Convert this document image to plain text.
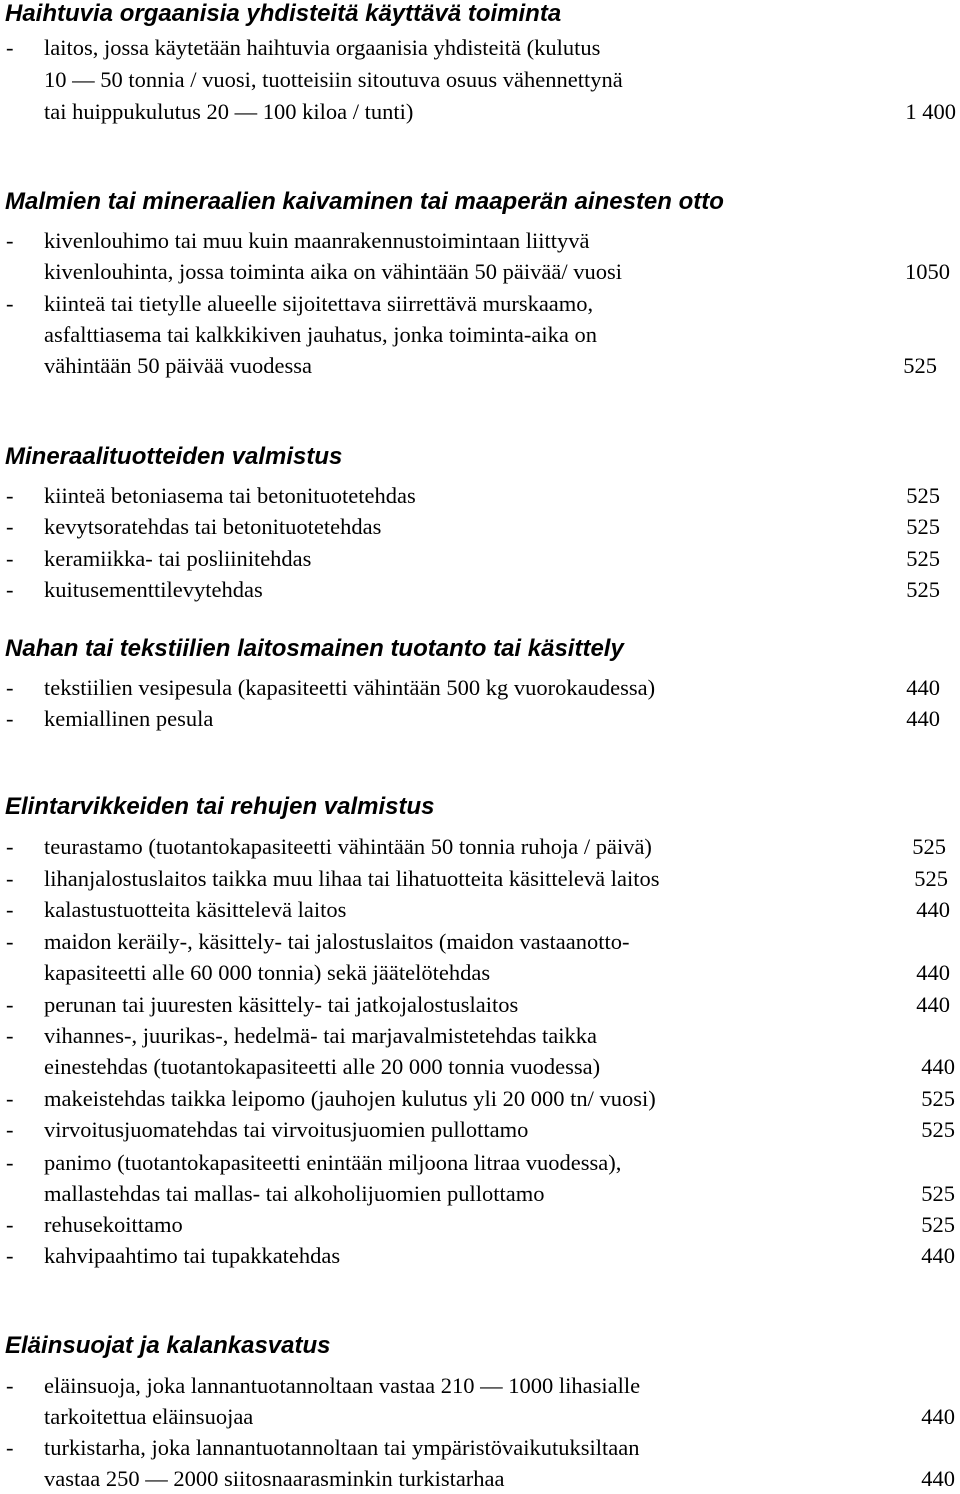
Haihtuvia orgaanisia yhdisteitä käyttävä toiminta
- laitos, jossa käytetään haihtuvia orgaanisia yhdisteitä (kulutus
10 — 50 tonnia / vuosi, tuotteisiin sitoutuva osuus vähennettynä
tai huippukulutus 20 — 100 kiloa / tunti)	1 400
Malmien tai mineraalien kaivaminen tai maaperän ainesten otto
- kivenlouhimo tai muu kuin maanrakennustoimintaan liittyvä
kivenlouhinta, jossa toiminta aika on vähintään 50 päivää/ vuosi	1050
- kiinteä tai tietylle alueelle sijoitettava siirrettävä murskaamo,
asfalttiasema tai kalkkikiven jauhatus, jonka toiminta-aika on
vähintään 50 päivää vuodessa	525
Mineraalituotteiden valmistus
- kiinteä betoniasema tai betonituotetehdas	525
- kevytsoratehdas tai betonituotetehdas	525
- keramiikka- tai posliinitehdas	525
- kuitusementtilevytehdas	525
Nahan tai tekstiilien laitosmainen tuotanto tai käsittely
- tekstiilien vesipesula (kapasiteetti vähintään 500 kg vuorokaudessa)	440
- kemiallinen pesula	440
Elintarvikkeiden tai rehujen valmistus
- teurastamo (tuotantokapasiteetti vähintään 50 tonnia ruhoja / päivä)	525
- lihanjalostuslaitos taikka muu lihaa tai lihatuotteita käsittelevä laitos	525
- kalastustuotteita käsittelevä laitos	440
- maidon keräily-, käsittely- tai jalostuslaitos (maidon vastaanotto-
kapasiteetti alle 60 000 tonnia) sekä jäätelötehdas	440
- perunan tai juuresten käsittely- tai jatkojalostuslaitos	440
- vihannes-, juurikas-, hedelmä- tai marjavalmistetehdas taikka
einestehdas (tuotantokapasiteetti alle 20 000 tonnia vuodessa)	440
- makeistehdas taikka leipomo (jauhojen kulutus yli 20 000 tn/ vuosi)	525
- virvoitusjuomatehdas tai virvoitusjuomien pullottamo	525
- panimo (tuotantokapasiteetti enintään miljoona litraa vuodessa),
mallastehdas tai mallas- tai alkoholijuomien pullottamo	525
- rehusekoittamo	525
- kahvipaahtimo tai tupakkatehdas	440
Eläinsuojat ja kalankasvatus
- eläinsuoja, joka lannantuotannoltaan vastaa 210 — 1000 lihasialle
tarkoitettua eläinsuojaa	440
- turkistarha, joka lannantuotannoltaan tai ympäristövaikutuksiltaan
vastaa 250 — 2000 siitosnaarasminkin turkistarhaa	440
